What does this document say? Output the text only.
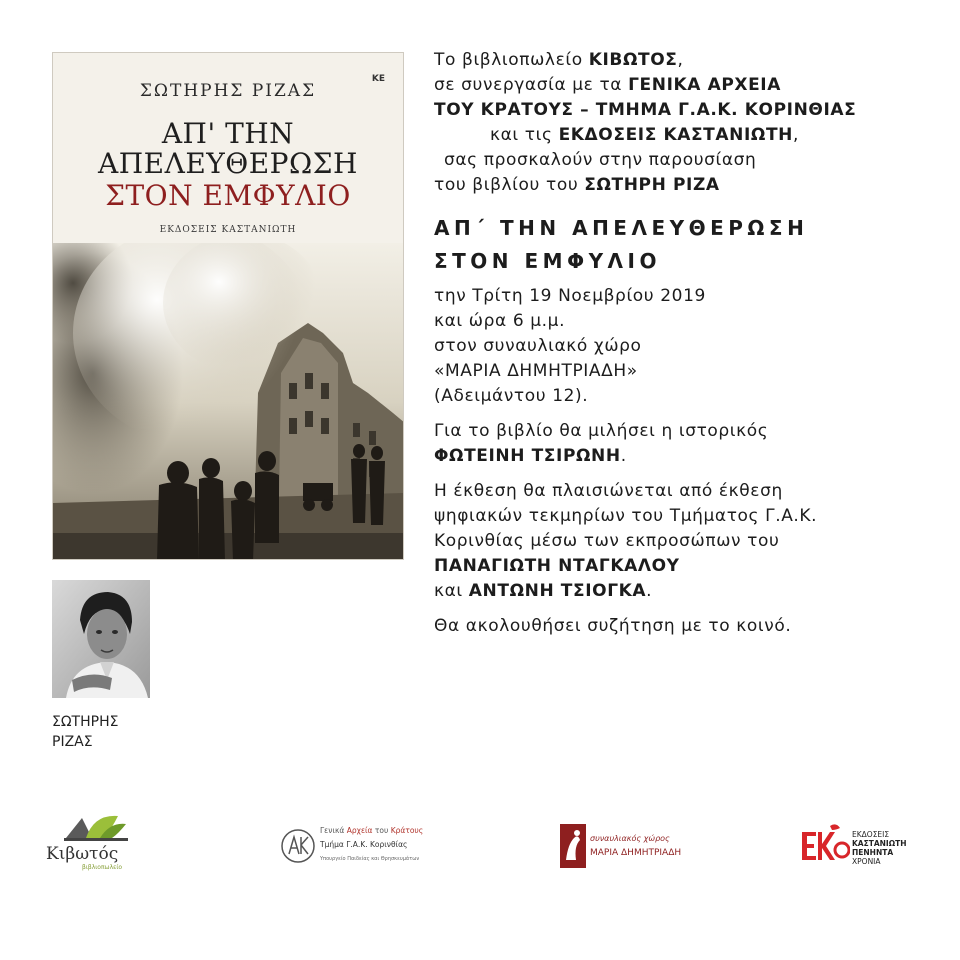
ΣΩΤΗΡΗΣ ΡΙΖΑΣ
ΚΕ
ΑΠ' ΤΗΝ
ΑΠΕΛΕΥΘΕΡΩΣΗ
ΣΤΟΝ ΕΜΦΥΛΙΟ
ΕΚΔΟΣΕΙΣ ΚΑΣΤΑΝΙΩΤΗ
ΣΩΤΗΡΗΣ
ΡΙΖΑΣ

Το βιβλιοπωλείο ΚΙΒΩΤΟΣ,

σε συνεργασία με τα ΓΕΝΙΚΑ ΑΡΧΕΙΑ

ΤΟΥ ΚΡΑΤΟΥΣ – ΤΜΗΜΑ Γ.Α.Κ. ΚΟΡΙΝΘΙΑΣ

και τις ΕΚΔΟΣΕΙΣ ΚΑΣΤΑΝΙΩΤΗ,

σας προσκαλούν στην παρουσίαση

του βιβλίου του ΣΩΤΗΡΗ ΡΙΖΑ

ΑΠ΄ ΤΗΝ ΑΠΕΛΕΥΘΕΡΩΣΗ
ΣΤΟΝ ΕΜΦΥΛΙΟ

την Τρίτη 19 Νοεμβρίου 2019

και ώρα 6 μ.μ.

στον συναυλιακό χώρο

«ΜΑΡΙΑ ΔΗΜΗΤΡΙΑΔΗ»

(Αδειμάντου 12).

Για το βιβλίο θα μιλήσει η ιστορικός

ΦΩΤΕΙΝΗ ΤΣΙΡΩΝΗ.

Η έκθεση θα πλαισιώνεται από έκθεση

ψηφιακών τεκμηρίων του Τμήματος Γ.Α.Κ.

Κορινθίας μέσω των εκπροσώπων του

ΠΑΝΑΓΙΩΤΗ ΝΤΑΓΚΑΛΟΥ

και ΑΝΤΩΝΗ ΤΣΙΟΓΚΑ.

Θα ακολουθήσει συζήτηση με το κοινό.

Κιβωτός
βιβλιοπωλείο
Γενικά Αρχεία του Κράτους
Τμήμα Γ.Α.Κ. Κορινθίας
Υπουργείο Παιδείας και Θρησκευμάτων
συναυλιακός χώρος
ΜΑΡΙΑ ΔΗΜΗΤΡΙΑΔΗ
ΕΚΔΟΣΕΙΣ
ΚΑΣΤΑΝΙΩΤΗ
ΠΕΝΗΝΤΑ
ΧΡΟΝΙΑ
